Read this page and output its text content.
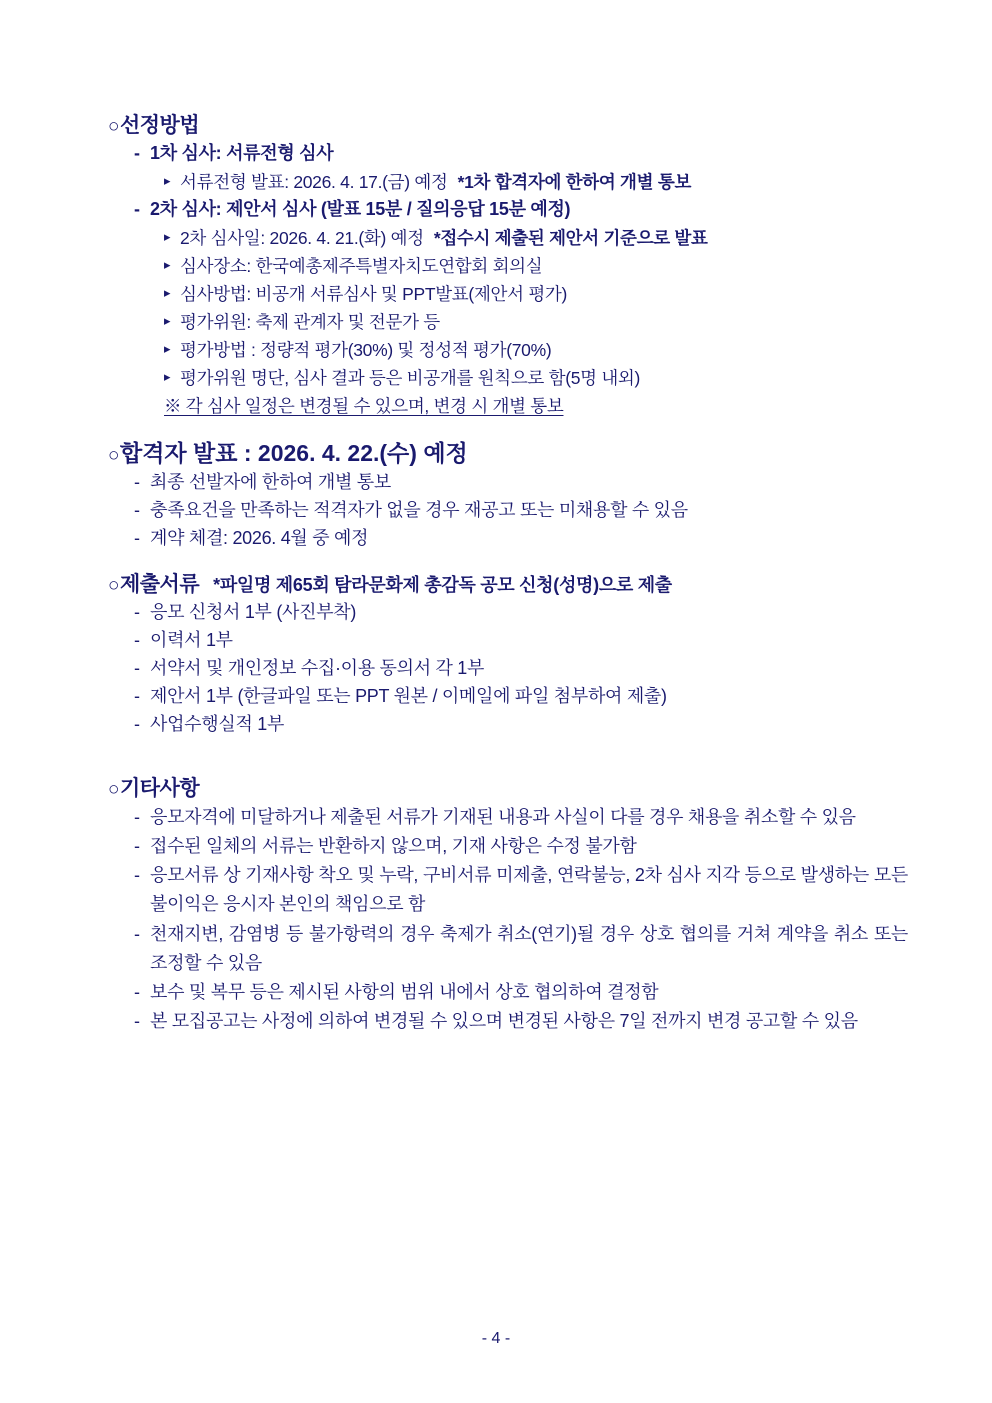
○ 선정방법
- 1차 심사: 서류전형 심사
▸ 서류전형 발표: 2026. 4. 17.(금) 예정 *1차 합격자에 한하여 개별 통보
- 2차 심사: 제안서 심사 (발표 15분 / 질의응답 15분 예정)
▸ 2차 심사일: 2026. 4. 21.(화) 예정 *접수시 제출된 제안서 기준으로 발표
▸ 심사장소: 한국예총제주특별자치도연합회 회의실
▸ 심사방법: 비공개 서류심사 및 PPT발표(제안서 평가)
▸ 평가위원: 축제 관계자 및 전문가 등
▸ 평가방법 : 정량적 평가(30%) 및 정성적 평가(70%)
▸ 평가위원 명단, 심사 결과 등은 비공개를 원칙으로 함(5명 내외)
※ 각 심사 일정은 변경될 수 있으며, 변경 시 개별 통보
○ 합격자 발표 : 2026. 4. 22.(수) 예정
- 최종 선발자에 한하여 개별 통보
- 충족요건을 만족하는 적격자가 없을 경우 재공고 또는 미채용할 수 있음
- 계약 체결: 2026. 4월 중 예정
○ 제출서류 *파일명 제65회 탐라문화제 총감독 공모 신청(성명)으로 제출
- 응모 신청서 1부 (사진부착)
- 이력서 1부
- 서약서 및 개인정보 수집·이용 동의서 각 1부
- 제안서 1부 (한글파일 또는 PPT 원본 / 이메일에 파일 첨부하여 제출)
- 사업수행실적 1부
○ 기타사항
- 응모자격에 미달하거나 제출된 서류가 기재된 내용과 사실이 다를 경우 채용을 취소할 수 있음
- 접수된 일체의 서류는 반환하지 않으며, 기재 사항은 수정 불가함
- 응모서류 상 기재사항 착오 및 누락, 구비서류 미제출, 연락불능, 2차 심사 지각 등으로 발생하는 모든 불이익은 응시자 본인의 책임으로 함
- 천재지변, 감염병 등 불가항력의 경우 축제가 취소(연기)될 경우 상호 협의를 거쳐 계약을 취소 또는 조정할 수 있음
- 보수 및 복무 등은 제시된 사항의 범위 내에서 상호 협의하여 결정함
- 본 모집공고는 사정에 의하여 변경될 수 있으며 변경된 사항은 7일 전까지 변경 공고할 수 있음
- 4 -
